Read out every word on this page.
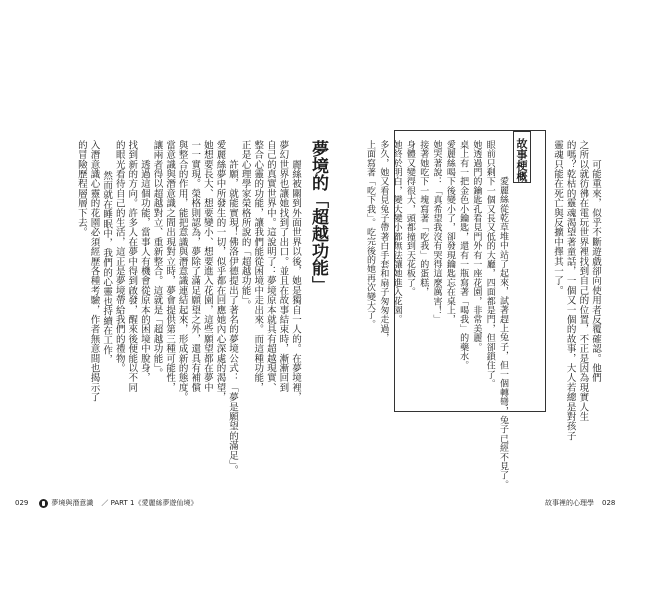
夢境的「超越功能」
　　麗絲被關到外面世界以後，她是獨自一人的。在夢境裡，
夢幻世界也讓她找到了出口。並且在故事結束時，漸漸回到
自己的真實世界中。這說明了：夢境原本就具有超越現實、
整合心靈的功能，讓我們能從困境中走出來。而這種功能，
正是心理學家榮格所說的「超越功能」。
　　許願，就能實現！佛洛伊德提出了著名的夢境公式：「夢是願望的滿足」。
愛麗絲夢中所發生的一切，似乎都在回應她內心深處的渴望，
她想要長大、想要變小、想要進入花園，這些願望都在夢中
一一實現。榮格則認為，夢除了滿足願望之外，還具有補償
與整合的作用，能把意識與潛意識連結起來，形成新的態度。
當意識與潛意識之間出現對立時，夢會提供第三種可能性，
讓兩者得以超越對立、重新整合。這就是「超越功能」。
　　透過這個功能，當事人有機會從原本的困境中脫身，
找到新的方向。許多人在夢中得到啟發，醒來後便能以不同
的眼光看待自己的生活，這正是夢境帶給我們的禮物。
　　然而就在睡眠中，我們的心靈也持續在工作，
入潛意識心靈的花園必須經歷各種考驗，作者無意間也揭示了
的冒險歷程層層下去。	　　可能重來，似乎不斷遊戲卻向使用者反覆確認。他們
之所以就彷彿在電玩世界裡找到自己的位置，不正是因為現實人生
的嗎？乾枯的靈魂渴望著童話，一個又一個的故事，大人若總是對孩子
靈魂只能在死亡與反擴中擇其一了。
故事梗概
　　愛麗絲從乾草堆中站了起來，試著趕上兔子，但一個轉彎，兔子已經不見了。
眼前只剩下一個又長又低的大廳，四面都是門，但卻鎖住了。
她透過門的鑰匙孔看見門外有一座花園，非常美麗。
桌上有一把金色小鑰匙，還有一瓶寫著「喝我」的藥水。
愛麗絲喝下後變小了，卻發現鑰匙忘在桌上，
她哭著說：「真希望我沒有哭得這麼厲害！」
接著她吃下一塊寫著「吃我」的蛋糕，
身體又變得很大，頭都撞到天花板了。
她終於明白，變大變小都無法讓她進入花園。
多久，她又看見兔子帶著白手套和扇子匆匆走過，
上面寫著「吃下我」。吃完後的她再次變大了。
029	夢境與潛意識 ／ PART 1《愛麗絲夢遊仙境》	故事裡的心理學 028
